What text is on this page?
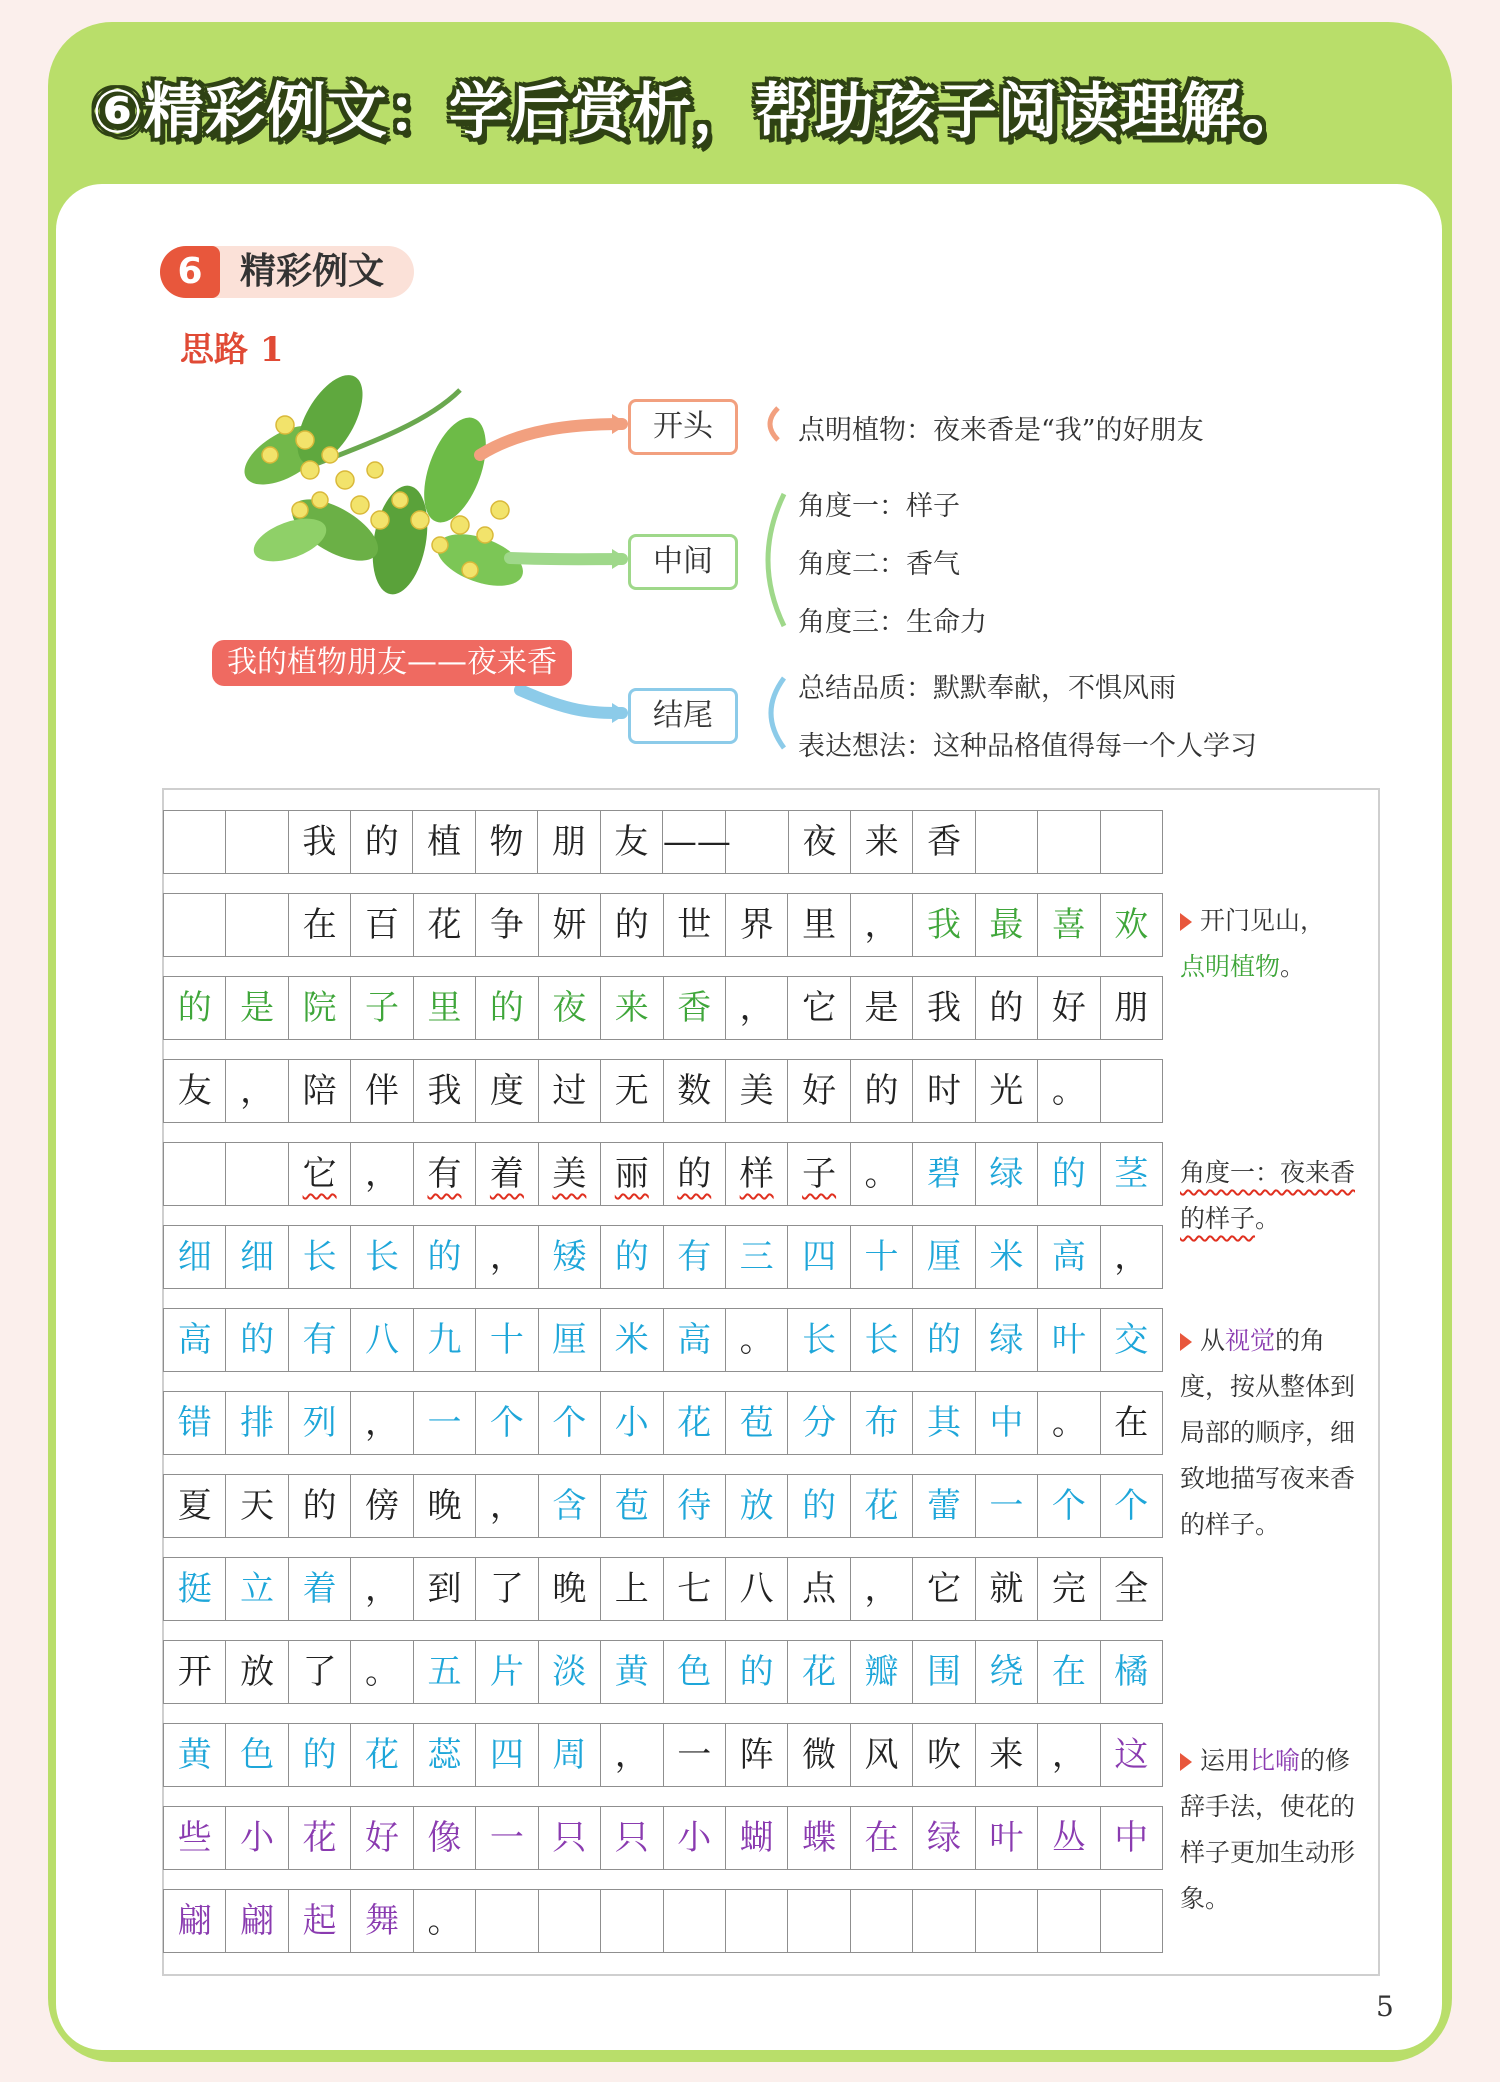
⑥精彩例文：学后赏析，帮助孩子阅读理解。
6	精彩例文
思路 1
我的植物朋友——夜来香
开头
中间
结尾
点明植物：夜来香是“我”的好朋友
角度一：样子
角度二：香气
角度三：生命力
总结品质：默默奉献，不惧风雨
表达想法：这种品格值得每一个人学习
我 的 植 物 朋 友 ——	夜 来 香
在 百 花 争 妍 的 世 界 里 ， 我 最 喜 欢
的 是 院 子 里 的 夜 来 香 ， 它 是 我 的 好 朋
友 ， 陪 伴 我 度 过 无 数 美 好 的 时 光 。
它 ， 有 着 美 丽 的 样 子 。 碧 绿 的 茎
细 细 长 长 的 ， 矮 的 有 三 四 十 厘 米 高 ，
高 的 有 八 九 十 厘 米 高 。 长 长 的 绿 叶 交
错 排 列 ， 一 个 个 小 花 苞 分 布 其 中 。 在
夏 天 的 傍 晚 ， 含 苞 待 放 的 花 蕾 一 个 个
挺 立 着 ， 到 了 晚 上 七 八 点 ， 它 就 完 全
开 放 了 。 五 片 淡 黄 色 的 花 瓣 围 绕 在 橘
黄 色 的 花 蕊 四 周 ， 一 阵 微 风 吹 来 ， 这
些 小 花 好 像 一 只 只 小 蝴 蝶 在 绿 叶 丛 中
翩 翩 起 舞 。
开门见山，
点明植物。
角度一：夜来香的样子。
从视觉的角度，按从整体到局部的顺序，细致地描写夜来香的样子。
运用比喻的修辞手法，使花的样子更加生动形象。
5
